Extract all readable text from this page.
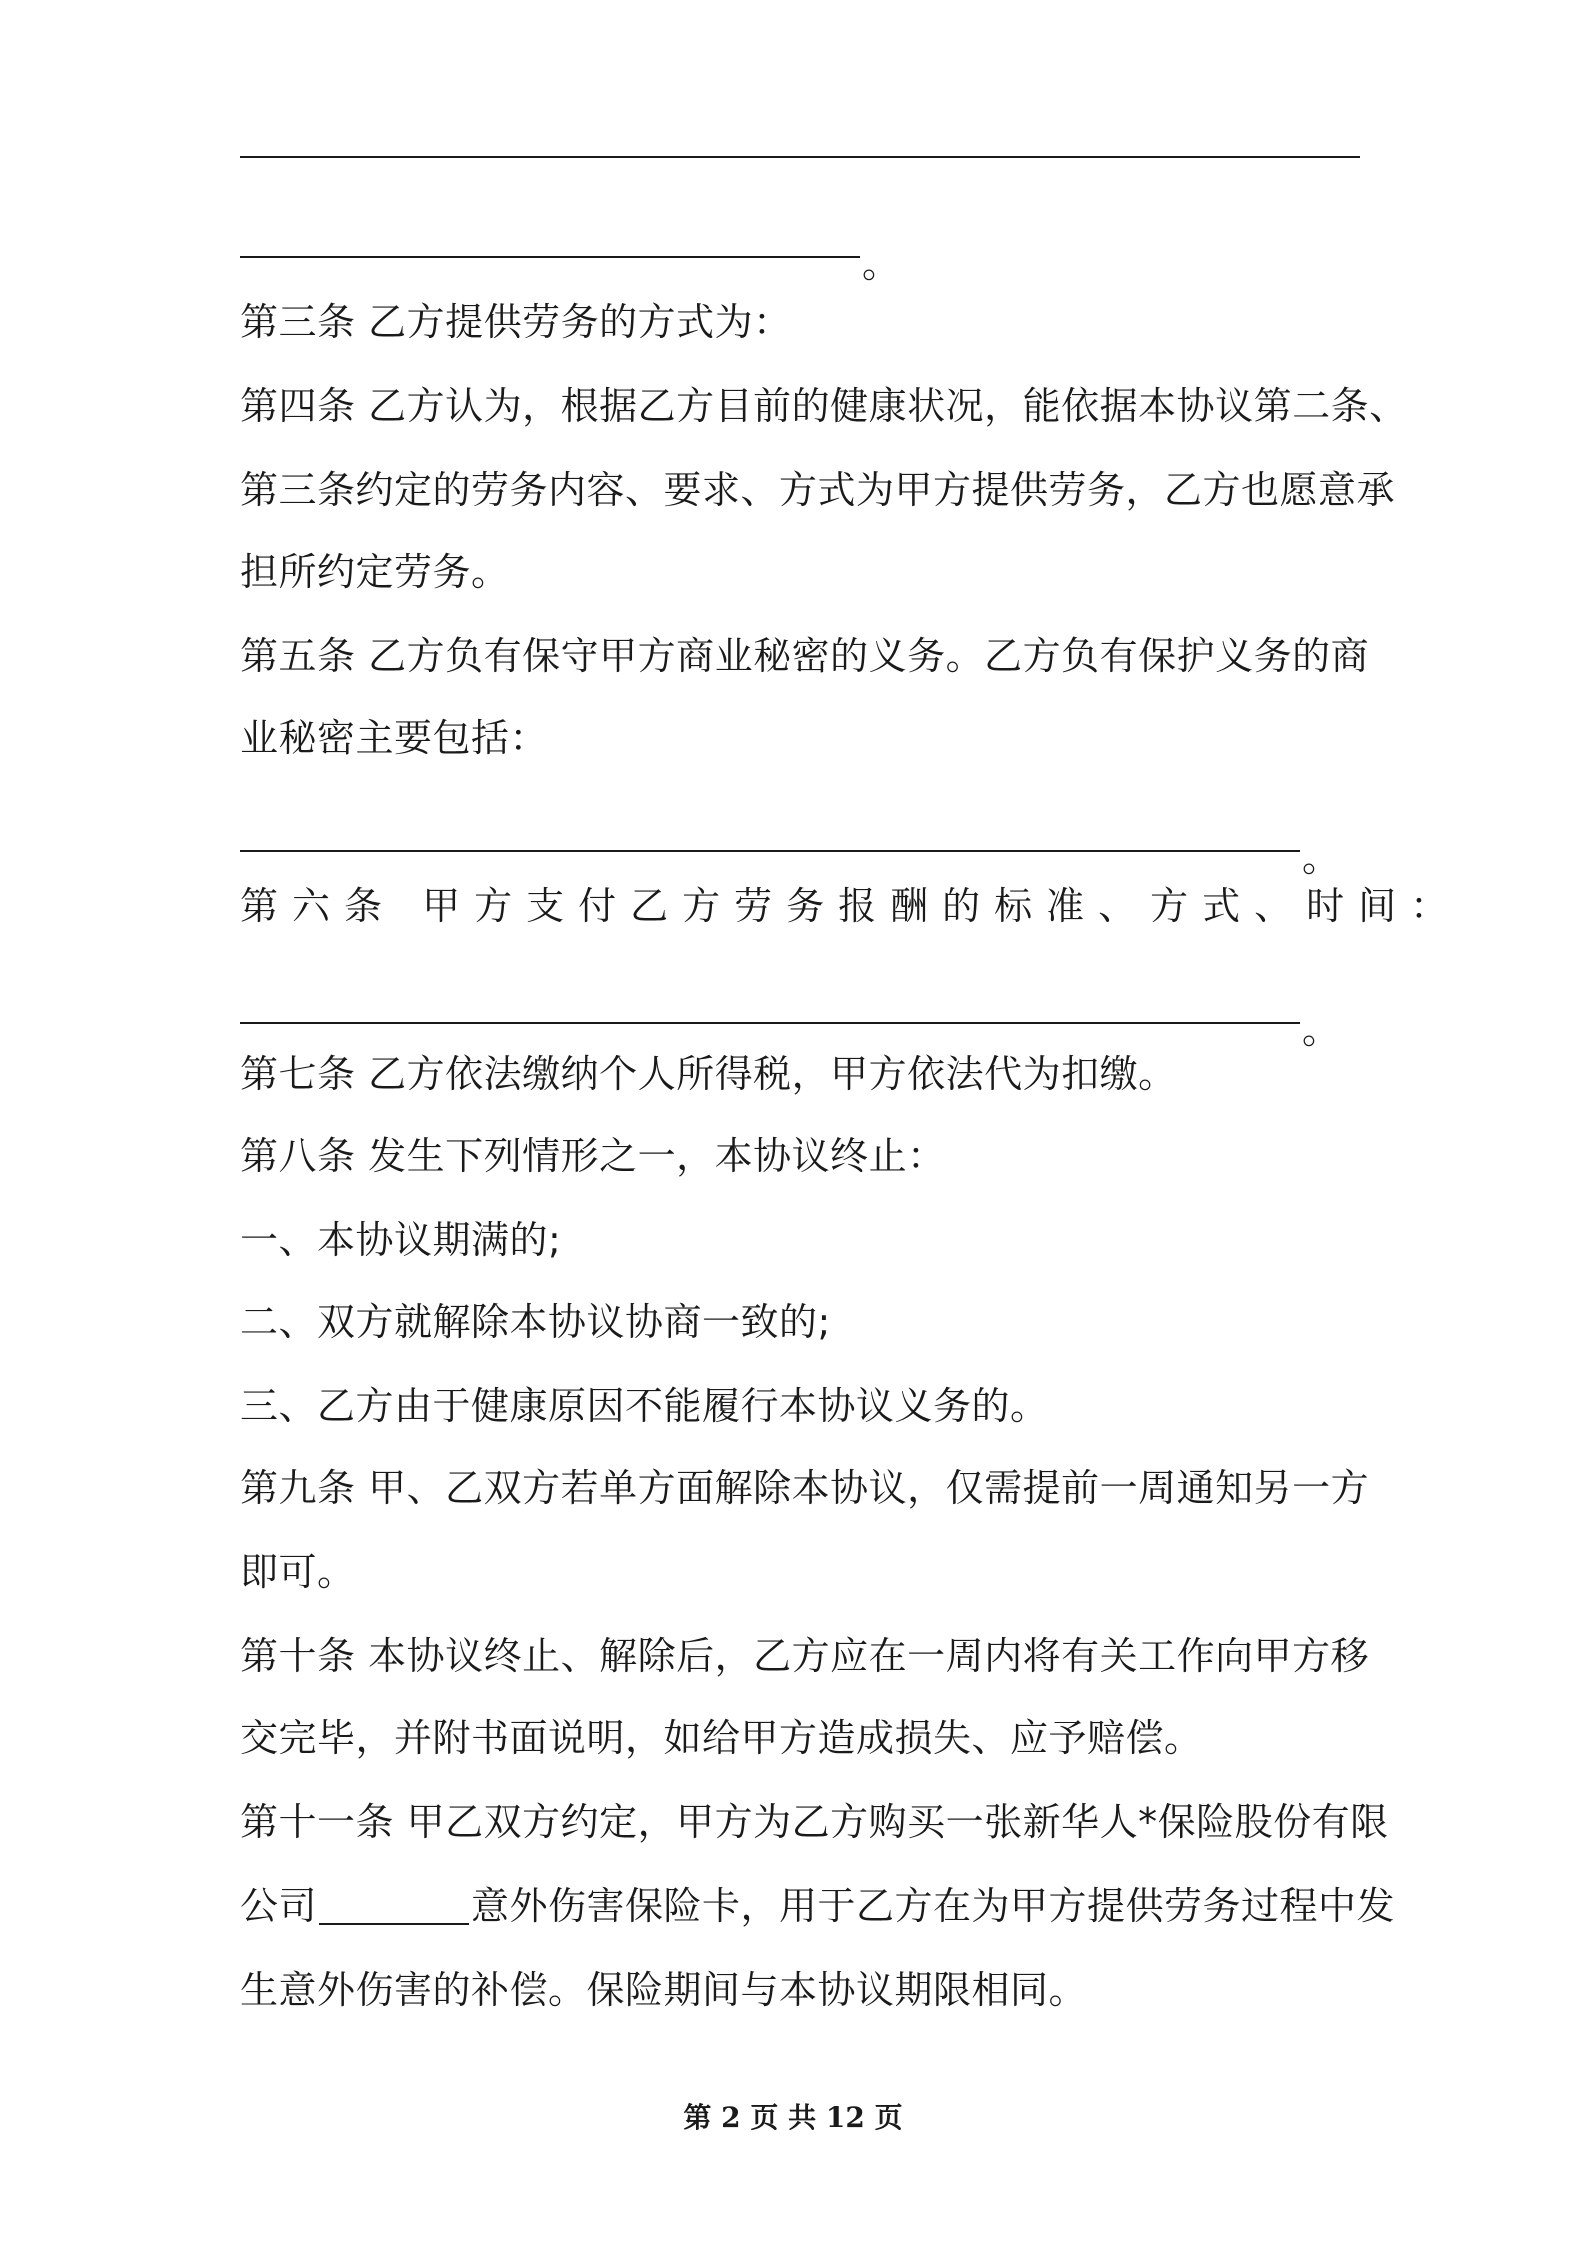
。
第三条 乙方提供劳务的方式为：
第四条 乙方认为，根据乙方目前的健康状况，能依据本协议第二条、
第三条约定的劳务内容、要求、方式为甲方提供劳务，乙方也愿意承
担所约定劳务。
第五条 乙方负有保守甲方商业秘密的义务。乙方负有保护义务的商
业秘密主要包括：
。
第六条 甲方支付乙方劳务报酬的标准、方式、时间：
。
第七条 乙方依法缴纳个人所得税，甲方依法代为扣缴。
第八条 发生下列情形之一，本协议终止：
一、本协议期满的;
二、双方就解除本协议协商一致的;
三、乙方由于健康原因不能履行本协议义务的。
第九条 甲、乙双方若单方面解除本协议，仅需提前一周通知另一方
即可。
第十条 本协议终止、解除后，乙方应在一周内将有关工作向甲方移
交完毕，并附书面说明，如给甲方造成损失、应予赔偿。
第十一条 甲乙双方约定，甲方为乙方购买一张新华人*保险股份有限
公司	意外伤害保险卡，用于乙方在为甲方提供劳务过程中发
生意外伤害的补偿。保险期间与本协议期限相同。
第 2 页 共 12 页
